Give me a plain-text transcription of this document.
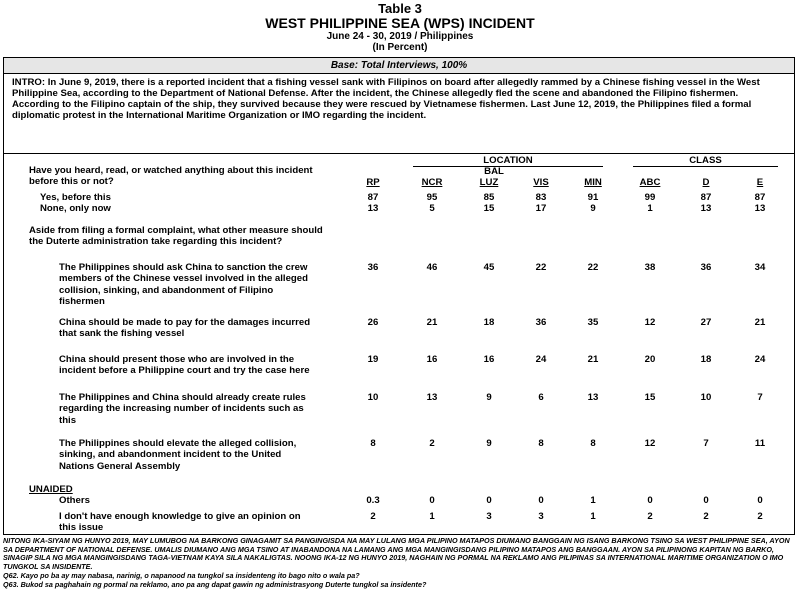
Table 3
WEST PHILIPPINE SEA (WPS) INCIDENT
June 24 - 30, 2019 / Philippines
(In Percent)
Base: Total Interviews, 100%
INTRO: In June 9, 2019, there is a reported incident that a fishing vessel sank with Filipinos on board after allegedly rammed by a Chinese fishing vessel in the West Philippine Sea, according to the Department of National Defense. After the incident, the Chinese allegedly fled the scene and abandoned the Filipino fishermen. According to the Filipino captain of the ship, they survived because they were rescued by Vietnamese fishermen. Last June 12, 2019, the Philippines filed a formal diplomatic protest in the International Maritime Organization or IMO regarding the incident.
LOCATION	CLASS
BAL
RP	NCR	LUZ	VIS	MIN	ABC	D	E
Have you heard, read, or watched anything about this incident before this or not?
Yes, before this	87	95	85	83	91	99	87	87
None, only now	13	5	15	17	9	1	13	13
The Philippines should ask China to sanction the crew members of the Chinese vessel involved in the alleged collision, sinking, and abandonment of Filipino fishermen
36	46	45	22	22	38	36	34
China should be made to pay for the damages incurred that sank the fishing vessel
26	21	18	36	35	12	27	21
China should present those who are involved in the incident before a Philippine court and try the case here
19	16	16	24	21	20	18	24
The Philippines and China should already create rules regarding the increasing number of incidents such as this
10	13	9	6	13	15	10	7
The Philippines should elevate the alleged collision, sinking, and abandonment incident to the United Nations General Assembly
8	2	9	8	8	12	7	11
Others	0.3	0	0	0	1	0	0	0
I don't have enough knowledge to give an opinion on this issue
2	1	3	3	1	2	2	2
Aside from filing a formal complaint, what other measure should the Duterte administration take regarding this incident?
UNAIDED
NITONG IKA-SIYAM NG HUNYO 2019, MAY LUMUBOG NA BARKONG GINAGAMIT SA PANGINGISDA NA MAY LULANG MGA PILIPINO MATAPOS DIUMANO BANGGAIN NG ISANG BARKONG TSINO SA WEST PHILIPPINE SEA, AYON SA DEPARTMENT OF NATIONAL DEFENSE. UMALIS DIUMANO ANG MGA TSINO AT INABANDONA NA LAMANG ANG MGA MANGINGISDANG PILIPINO MATAPOS ANG BANGGAAN. AYON SA PILIPINONG KAPITAN NG BARKO, SINAGIP SILA NG MGA MANGINGISDANG TAGA-VIETNAM KAYA SILA NAKALIGTAS. NOONG IKA-12 NG HUNYO 2019, NAGHAIN NG PORMAL NA REKLAMO ANG PILIPINAS SA INTERNATIONAL MARITIME ORGANIZATION O IMO TUNGKOL SA INSIDENTE.
Q62. Kayo po ba ay may nabasa, narinig, o napanood na tungkol sa insidenteng ito bago nito o wala pa?
Q63. Bukod sa paghahain ng pormal na reklamo, ano pa ang dapat gawin ng administrasyong Duterte tungkol sa insidente?
